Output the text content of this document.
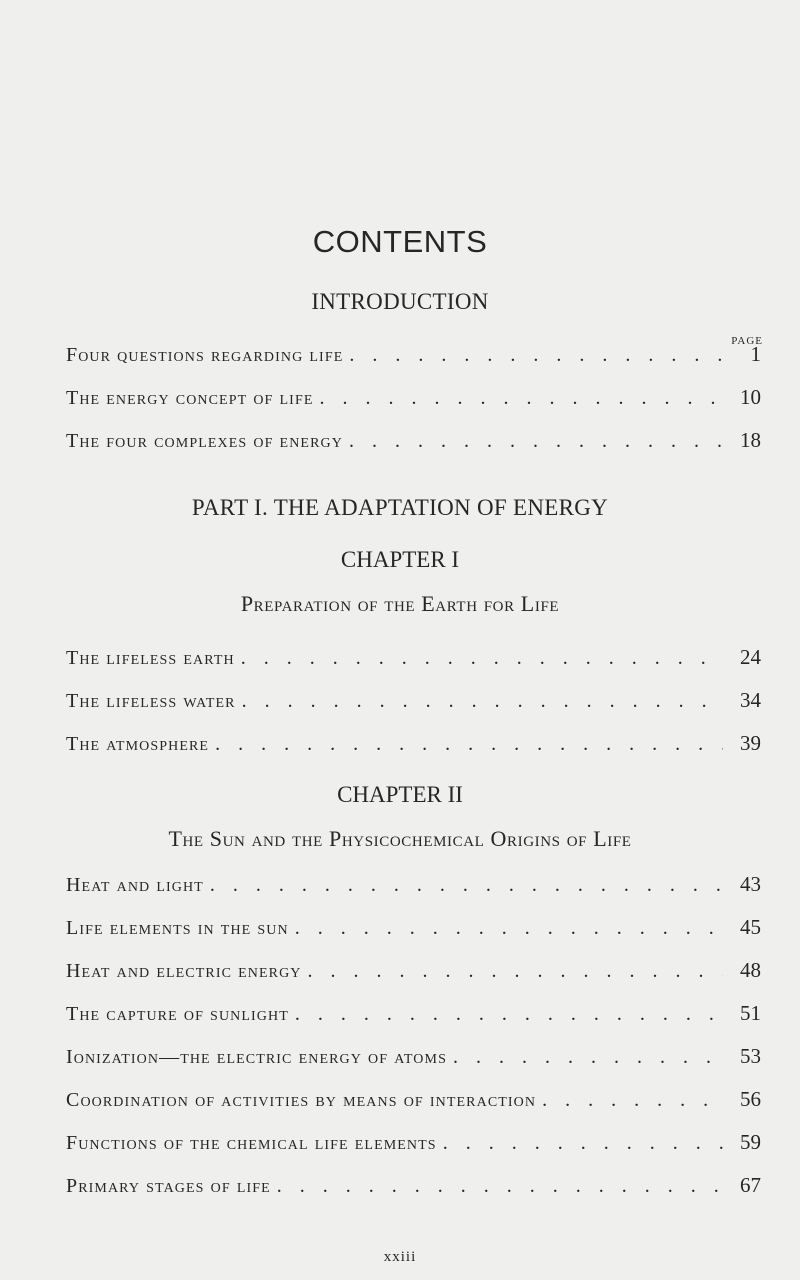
CONTENTS
INTRODUCTION
PAGE
Four questions regarding life . . .	1
The energy concept of life . . .	10
The four complexes of energy . . .	18
PART I. THE ADAPTATION OF ENERGY
CHAPTER I
Preparation of the Earth for Life
The lifeless earth . . .	24
The lifeless water . . .	34
The atmosphere . . .	39
CHAPTER II
The Sun and the Physicochemical Origins of Life
Heat and light . . .	43
Life elements in the sun . . .	45
Heat and electric energy . . .	48
The capture of sunlight . . .	51
Ionization—the electric energy of atoms . . .	53
Coordination of activities by means of interaction . . .	56
Functions of the chemical life elements . . .	59
Primary stages of life . . .	67
xxiii
